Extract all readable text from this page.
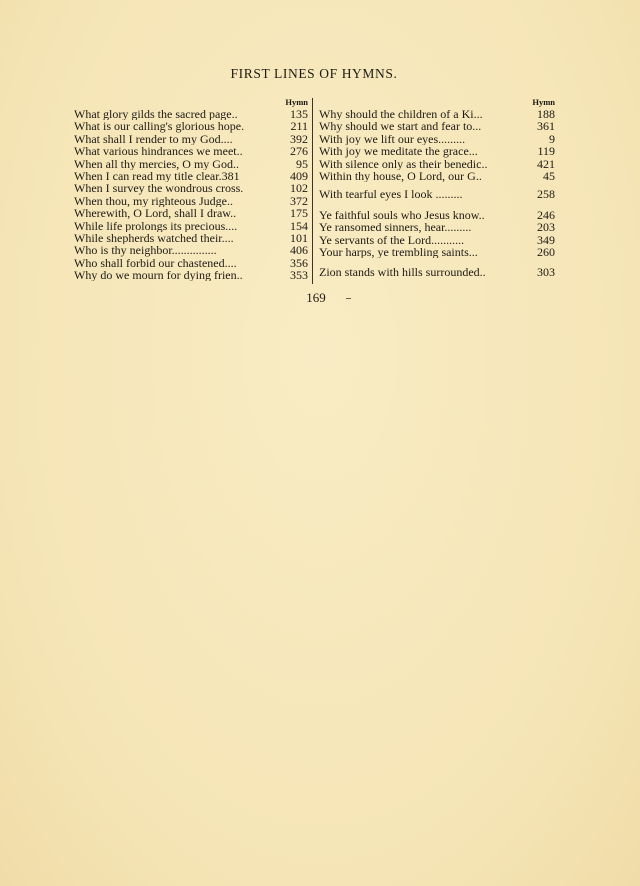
FIRST LINES OF HYMNS.
Hymn
What glory gilds the sacred page..	135
What is our calling's glorious hope.	211
What shall I render to my God....	392
What various hindrances we meet..	276
When all thy mercies, O my God..	95
When I can read my title clear.381	409
When I survey the wondrous cross.	102
When thou, my righteous Judge..	372
Wherewith, O Lord, shall I draw..	175
While life prolongs its precious....	154
While shepherds watched their....	101
Who is thy neighbor...............	406
Who shall forbid our chastened....	356
Why do we mourn for dying frien..	353
Hymn
Why should the children of a Ki...	188
Why should we start and fear to...	361
With joy we lift our eyes.........	9
With joy we meditate the grace...	119
With silence only as their benedic..	421
Within thy house, O Lord, our G..	45
With tearful eyes I look .........	258
Ye faithful souls who Jesus know..	246
Ye ransomed sinners, hear.........	203
Ye servants of the Lord...........	349
Your harps, ye trembling saints...	260
Zion stands with hills surrounded..	303
169
